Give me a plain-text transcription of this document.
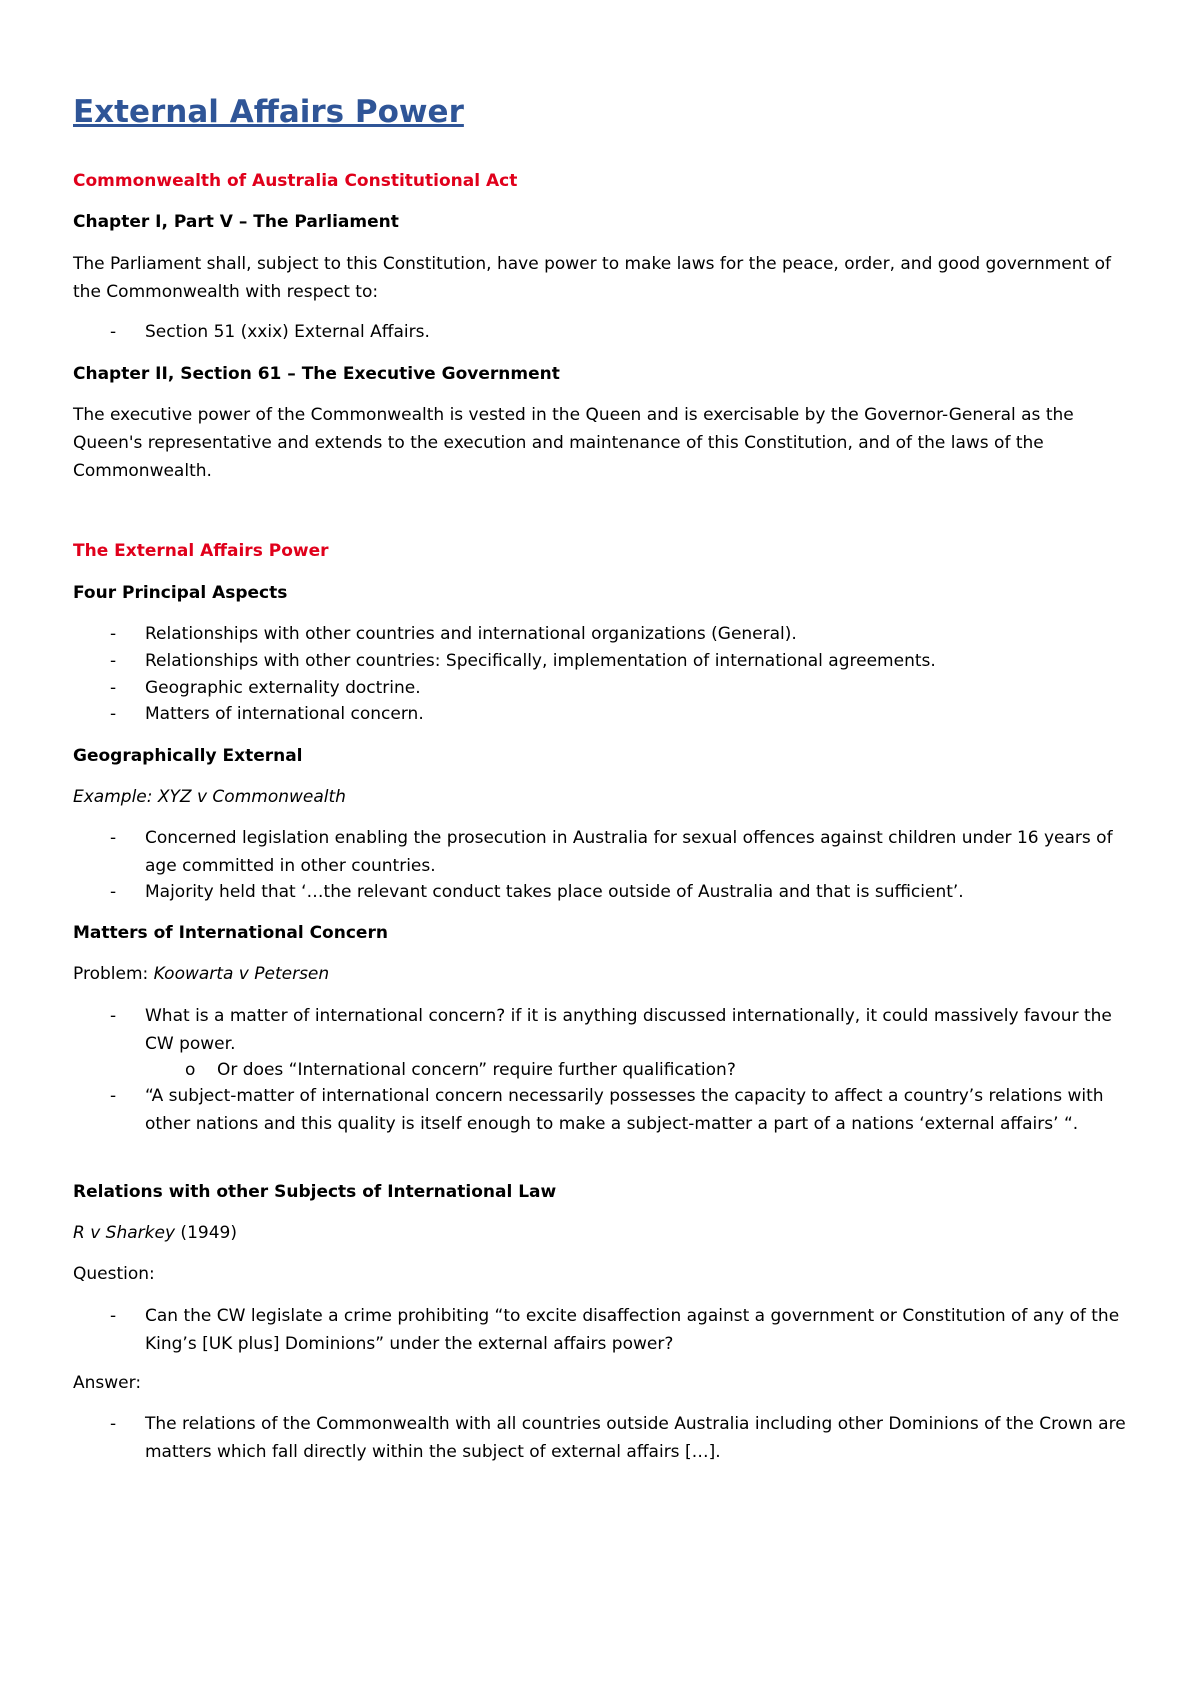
External Affairs Power

Commonwealth of Australia Constitutional Act

Chapter I, Part V – The Parliament

The Parliament shall, subject to this Constitution, have power to make laws for the peace, order, and good government of the Commonwealth with respect to:

- Section 51 (xxix) External Affairs.

Chapter II, Section 61 – The Executive Government

The executive power of the Commonwealth is vested in the Queen and is exercisable by the Governor-General as the Queen's representative and extends to the execution and maintenance of this Constitution, and of the laws of the Commonwealth.

The External Affairs Power

Four Principal Aspects

- Relationships with other countries and international organizations (General).
- Relationships with other countries: Specifically, implementation of international agreements.
- Geographic externality doctrine.
- Matters of international concern.

Geographically External

Example: XYZ v Commonwealth

- Concerned legislation enabling the prosecution in Australia for sexual offences against children under 16 years of age committed in other countries.
- Majority held that ‘…the relevant conduct takes place outside of Australia and that is sufficient’.

Matters of International Concern

Problem: Koowarta v Petersen

- What is a matter of international concern? if it is anything discussed internationally, it could massively favour the CW power.
o Or does “International concern” require further qualification?
- “A subject-matter of international concern necessarily possesses the capacity to affect a country’s relations with other nations and this quality is itself enough to make a subject-matter a part of a nations ‘external affairs’ “.

Relations with other Subjects of International Law

R v Sharkey (1949)

Question:

- Can the CW legislate a crime prohibiting “to excite disaffection against a government or Constitution of any of the King’s [UK plus] Dominions” under the external affairs power?

Answer:

- The relations of the Commonwealth with all countries outside Australia including other Dominions of the Crown are matters which fall directly within the subject of external affairs […].
